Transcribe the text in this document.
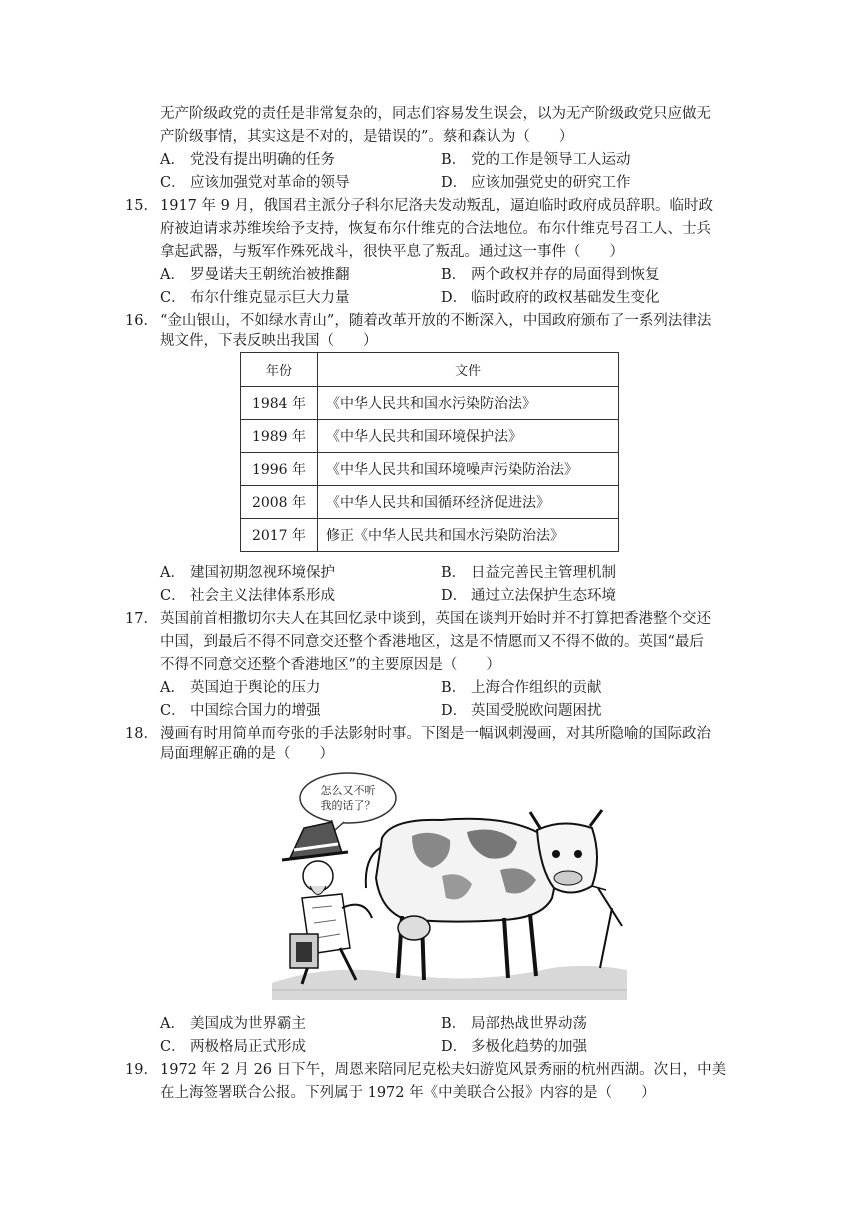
无产阶级政党的责任是非常复杂的，同志们容易发生误会，以为无产阶级政党只应做无
产阶级事情，其实这是不对的，是错误的”。蔡和森认为（　　）
A． 党没有提出明确的任务	B． 党的工作是领导工人运动
C． 应该加强党对革命的领导	D． 应该加强党史的研究工作
15． 1917 年 9 月，俄国君主派分子科尔尼洛夫发动叛乱，逼迫临时政府成员辞职。临时政
府被迫请求苏维埃给予支持，恢复布尔什维克的合法地位。布尔什维克号召工人、士兵
拿起武器，与叛军作殊死战斗，很快平息了叛乱。通过这一事件（　　）
A． 罗曼诺夫王朝统治被推翻	B． 两个政权并存的局面得到恢复
C． 布尔什维克显示巨大力量	D． 临时政府的政权基础发生变化
16． “金山银山，不如绿水青山”，随着改革开放的不断深入，中国政府颁布了一系列法律法
规文件，下表反映出我国（　　）
年份	文件
1984 年	《中华人民共和国水污染防治法》
1989 年	《中华人民共和国环境保护法》
1996 年	《中华人民共和国环境噪声污染防治法》
2008 年	《中华人民共和国循环经济促进法》
2017 年	修正《中华人民共和国水污染防治法》
A． 建国初期忽视环境保护	B． 日益完善民主管理机制
C． 社会主义法律体系形成	D． 通过立法保护生态环境
17． 英国前首相撒切尔夫人在其回忆录中谈到，英国在谈判开始时并不打算把香港整个交还
中国，到最后不得不同意交还整个香港地区，这是不情愿而又不得不做的。英国“最后
不得不同意交还整个香港地区”的主要原因是（　　）
A． 英国迫于舆论的压力	B． 上海合作组织的贡献
C． 中国综合国力的增强	D． 英国受脱欧问题困扰
18． 漫画有时用简单而夸张的手法影射时事。下图是一幅讽刺漫画，对其所隐喻的国际政治
局面理解正确的是（　　）
怎么又不听
我的话了？
A． 美国成为世界霸主	B． 局部热战世界动荡
C． 两极格局正式形成	D． 多极化趋势的加强
19． 1972 年 2 月 26 日下午，周恩来陪同尼克松夫妇游览风景秀丽的杭州西湖。次日，中美
在上海签署联合公报。下列属于 1972 年《中美联合公报》内容的是（　　）
